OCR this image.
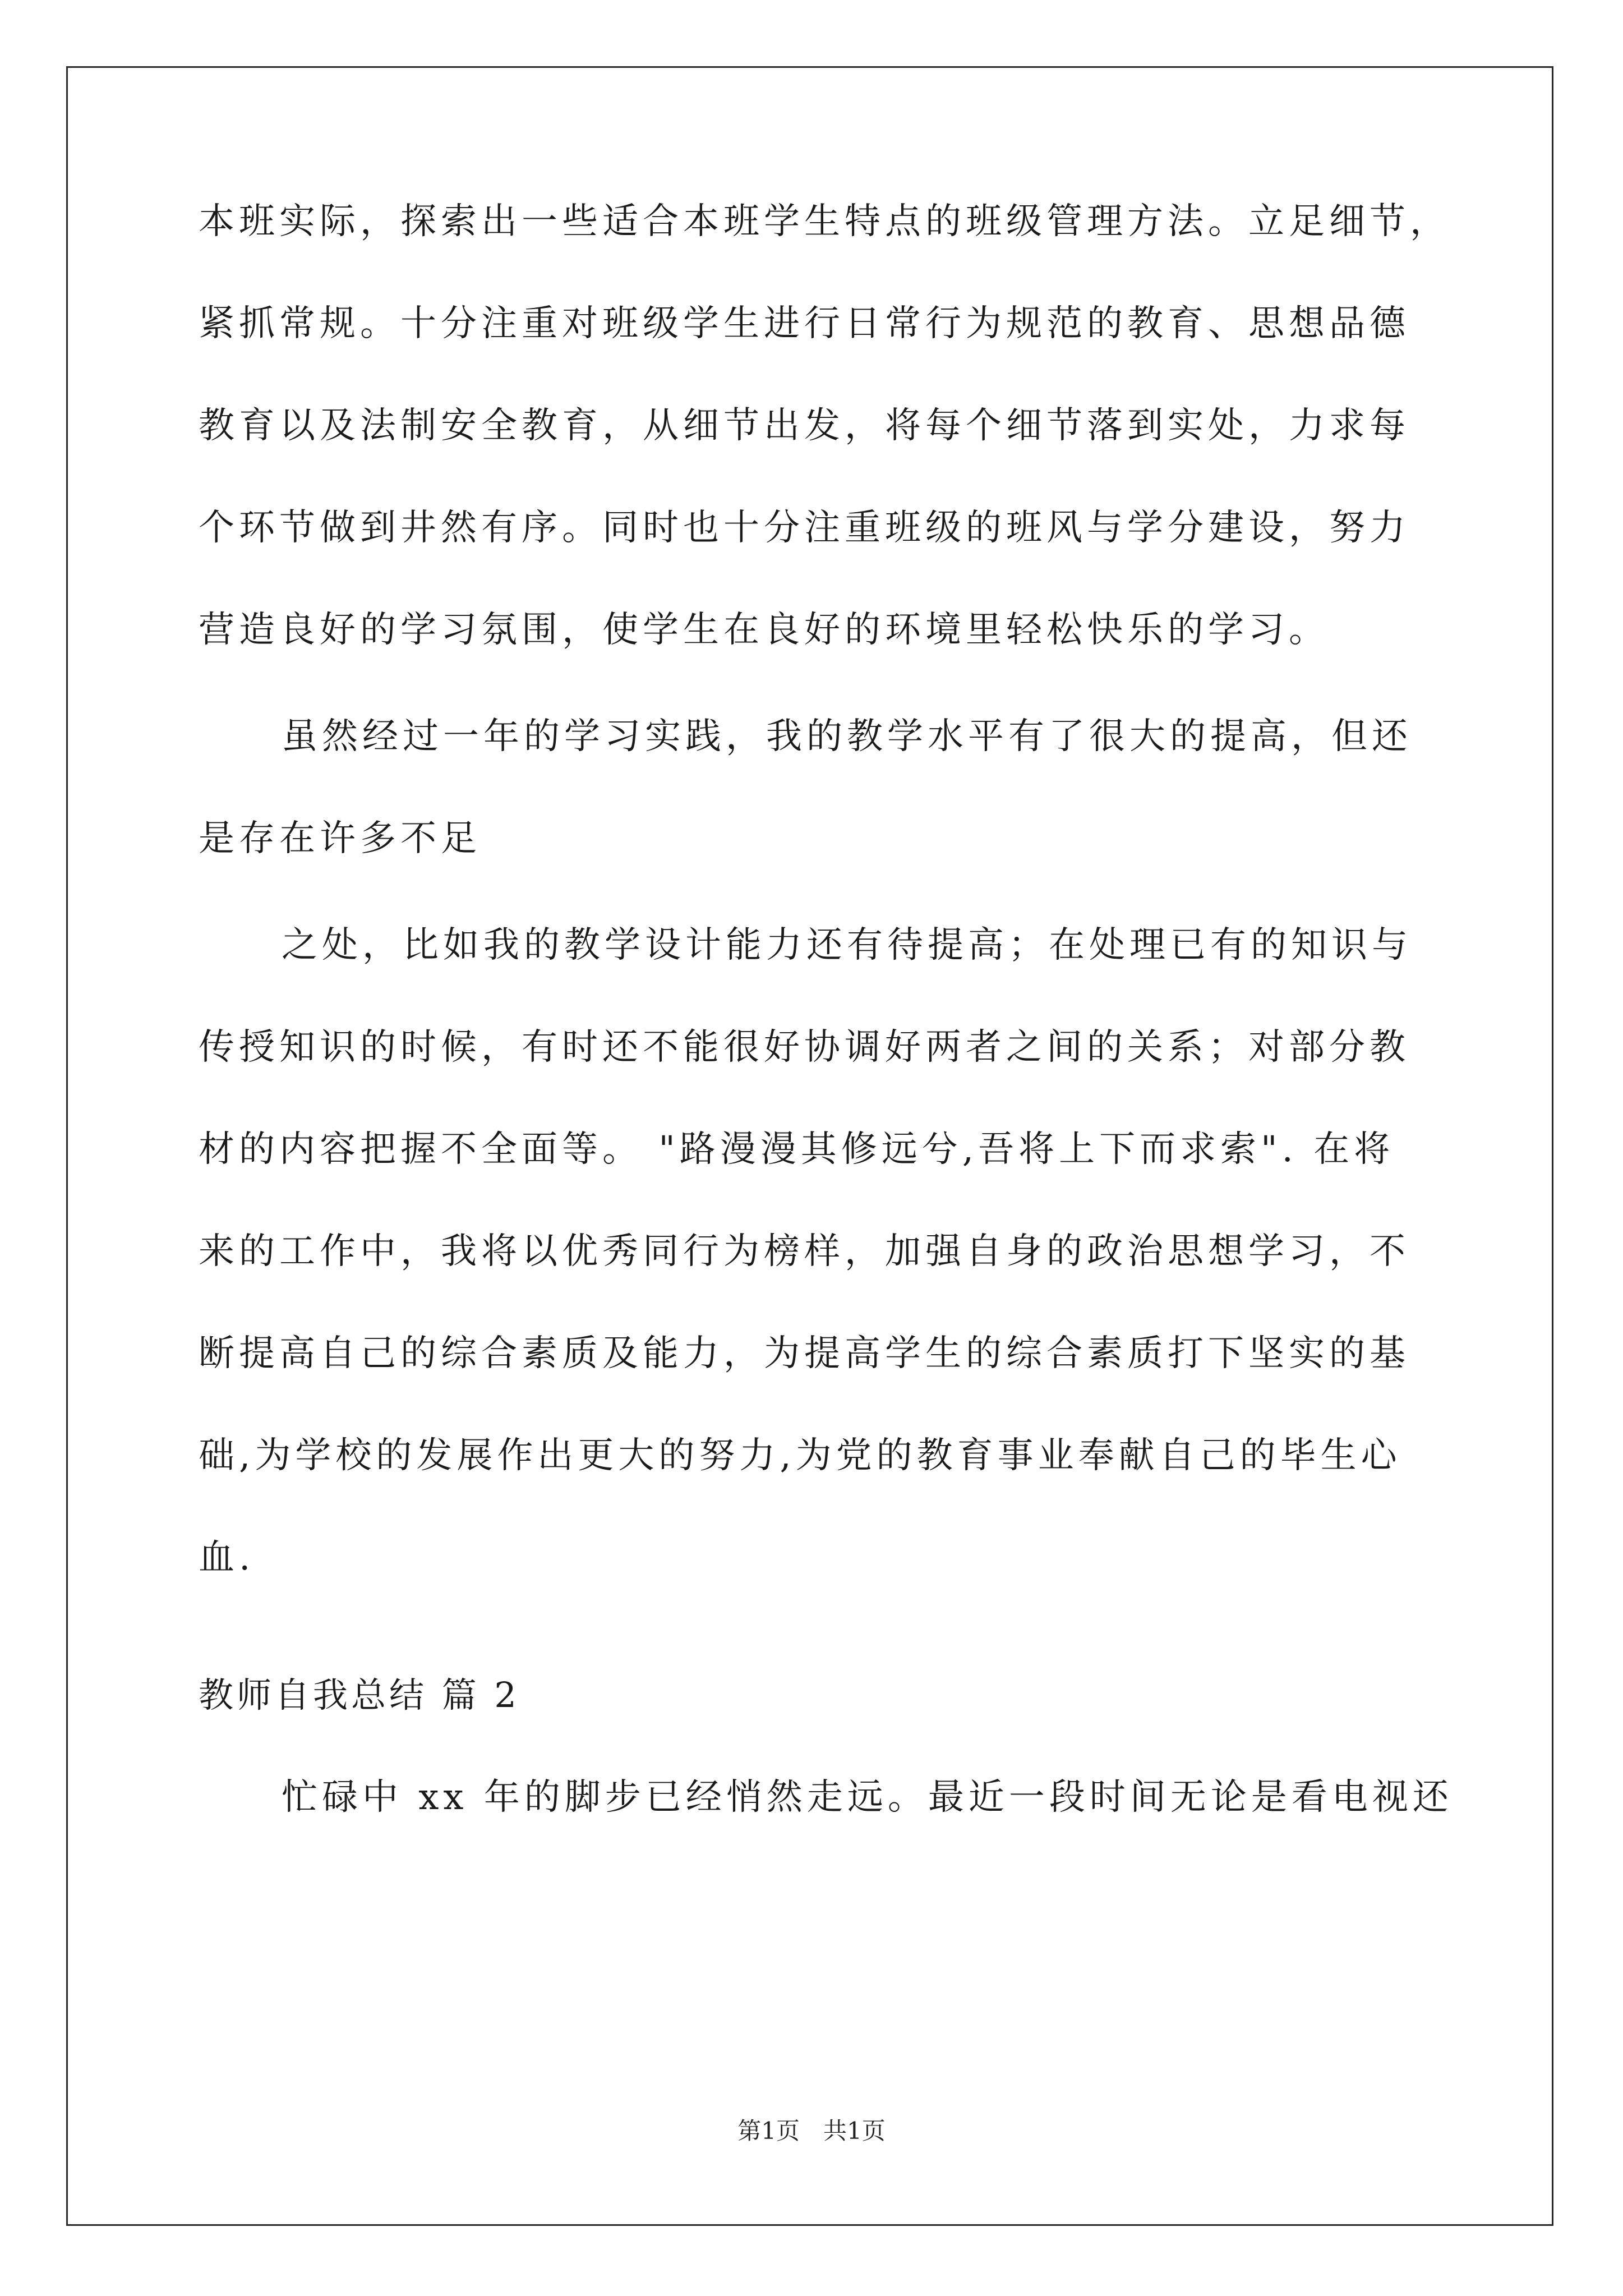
本班实际，探索出一些适合本班学生特点的班级管理方法。立足细节，
紧抓常规。十分注重对班级学生进行日常行为规范的教育、思想品德
教育以及法制安全教育，从细节出发，将每个细节落到实处，力求每
个环节做到井然有序。同时也十分注重班级的班风与学分建设，努力
营造良好的学习氛围，使学生在良好的环境里轻松快乐的学习。
虽然经过一年的学习实践，我的教学水平有了很大的提高，但还
是存在许多不足
之处，比如我的教学设计能力还有待提高；在处理已有的知识与
传授知识的时候，有时还不能很好协调好两者之间的关系；对部分教
材的内容把握不全面等。 "路漫漫其修远兮,吾将上下而求索". 在将
来的工作中，我将以优秀同行为榜样，加强自身的政治思想学习，不
断提高自己的综合素质及能力，为提高学生的综合素质打下坚实的基
础,为学校的发展作出更大的努力,为党的教育事业奉献自己的毕生心
血.
教师自我总结 篇 2
忙碌中 xx 年的脚步已经悄然走远。最近一段时间无论是看电视还
第1页　共1页
